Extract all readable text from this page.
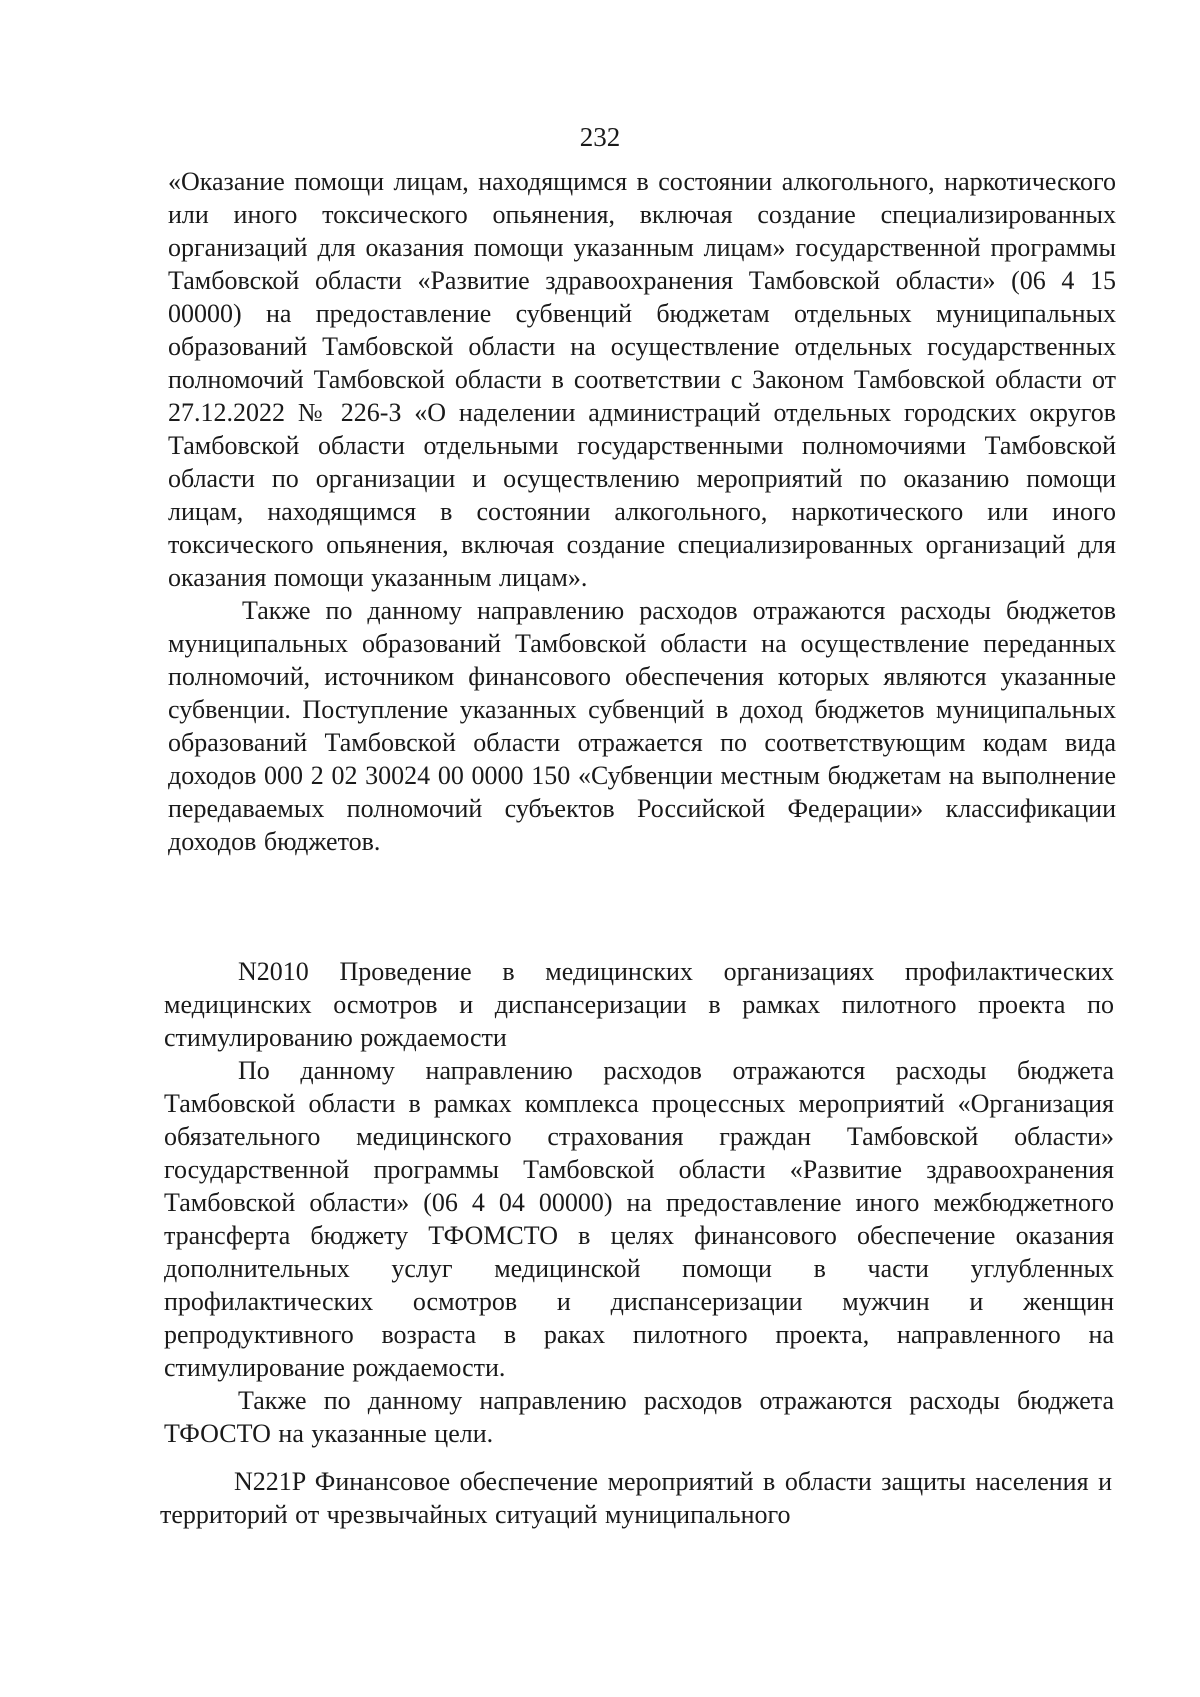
232

«Оказание помощи лицам, находящимся в состоянии алкогольного, наркотического или иного токсического опьянения, включая создание специализированных организаций для оказания помощи указанным лицам» государственной программы Тамбовской области «Развитие здравоохранения Тамбовской области» (06 4 15 00000) на предоставление субвенций бюджетам отдельных муниципальных образований Тамбовской области на осуществление отдельных государственных полномочий Тамбовской области в соответствии с Законом Тамбовской области от 27.12.2022 № 226-З «О наделении администраций отдельных городских округов Тамбовской области отдельными государственными полномочиями Тамбовской области по организации и осуществлению мероприятий по оказанию помощи лицам, находящимся в состоянии алкогольного, наркотического или иного токсического опьянения, включая создание специализированных организаций для оказания помощи указанным лицам».

Также по данному направлению расходов отражаются расходы бюджетов муниципальных образований Тамбовской области на осуществление переданных полномочий, источником финансового обеспечения которых являются указанные субвенции. Поступление указанных субвенций в доход бюджетов муниципальных образований Тамбовской области отражается по соответствующим кодам вида доходов 000 2 02 30024 00 0000 150 «Субвенции местным бюджетам на выполнение передаваемых полномочий субъектов Российской Федерации» классификации доходов бюджетов.

N2010 Проведение в медицинских организациях профилактических медицинских осмотров и диспансеризации в рамках пилотного проекта по стимулированию рождаемости

По данному направлению расходов отражаются расходы бюджета Тамбовской области в рамках комплекса процессных мероприятий «Организация обязательного медицинского страхования граждан Тамбовской области» государственной программы Тамбовской области «Развитие здравоохранения Тамбовской области» (06 4 04 00000) на предоставление иного межбюджетного трансферта бюджету ТФОМСТО в целях финансового обеспечение оказания дополнительных услуг медицинской помощи в части углубленных профилактических осмотров и диспансеризации мужчин и женщин репродуктивного возраста в раках пилотного проекта, направленного на стимулирование рождаемости.

Также по данному направлению расходов отражаются расходы бюджета ТФОСТО на указанные цели.

N221P Финансовое обеспечение мероприятий в области защиты населения и территорий от чрезвычайных ситуаций муниципального
